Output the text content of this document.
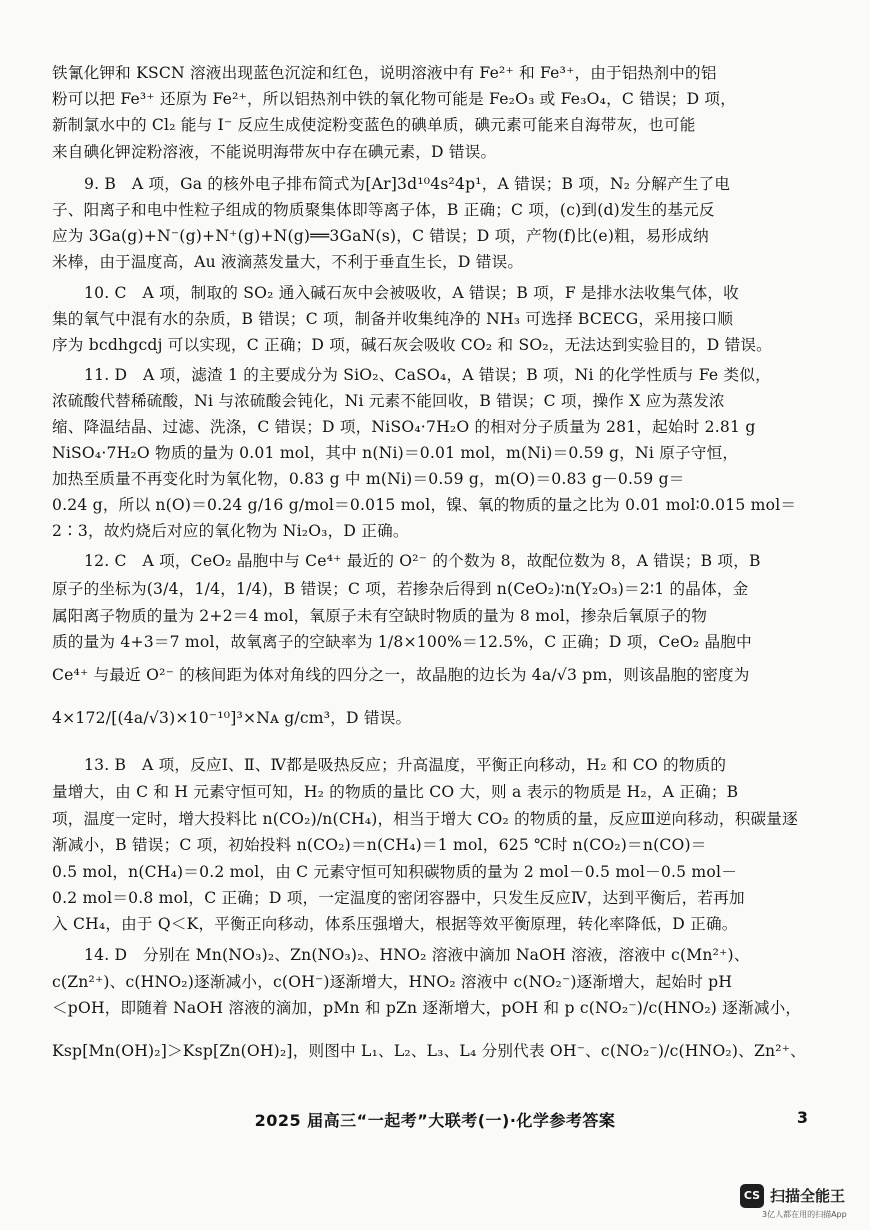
铁氰化钾和 KSCN 溶液出现蓝色沉淀和红色，说明溶液中有 Fe²⁺ 和 Fe³⁺，由于铝热剂中的铝
粉可以把 Fe³⁺ 还原为 Fe²⁺，所以铝热剂中铁的氧化物可能是 Fe₂O₃ 或 Fe₃O₄，C 错误；D 项，
新制氯水中的 Cl₂ 能与 I⁻ 反应生成使淀粉变蓝色的碘单质，碘元素可能来自海带灰，也可能
来自碘化钾淀粉溶液，不能说明海带灰中存在碘元素，D 错误。
9. B　A 项，Ga 的核外电子排布简式为[Ar]3d¹⁰4s²4p¹，A 错误；B 项，N₂ 分解产生了电
子、阳离子和电中性粒子组成的物质聚集体即等离子体，B 正确；C 项，(c)到(d)发生的基元反
应为 3Ga(g)+N⁻(g)+N⁺(g)+N(g)══3GaN(s)，C 错误；D 项，产物(f)比(e)粗，易形成纳
米棒，由于温度高，Au 液滴蒸发量大，不利于垂直生长，D 错误。
10. C　A 项，制取的 SO₂ 通入碱石灰中会被吸收，A 错误；B 项，F 是排水法收集气体，收
集的氧气中混有水的杂质，B 错误；C 项，制备并收集纯净的 NH₃ 可选择 BCECG，采用接口顺
序为 bcdhgcdj 可以实现，C 正确；D 项，碱石灰会吸收 CO₂ 和 SO₂，无法达到实验目的，D 错误。
11. D　A 项，滤渣 1 的主要成分为 SiO₂、CaSO₄，A 错误；B 项，Ni 的化学性质与 Fe 类似，
浓硫酸代替稀硫酸，Ni 与浓硫酸会钝化，Ni 元素不能回收，B 错误；C 项，操作 X 应为蒸发浓
缩、降温结晶、过滤、洗涤，C 错误；D 项，NiSO₄·7H₂O 的相对分子质量为 281，起始时 2.81 g
NiSO₄·7H₂O 物质的量为 0.01 mol，其中 n(Ni)＝0.01 mol，m(Ni)＝0.59 g，Ni 原子守恒，
加热至质量不再变化时为氧化物，0.83 g 中 m(Ni)＝0.59 g，m(O)＝0.83 g－0.59 g＝
0.24 g，所以 n(O)＝0.24 g/16 g/mol＝0.015 mol，镍、氧的物质的量之比为 0.01 mol∶0.015 mol＝
2∶3，故灼烧后对应的氧化物为 Ni₂O₃，D 正确。
12. C　A 项，CeO₂ 晶胞中与 Ce⁴⁺ 最近的 O²⁻ 的个数为 8，故配位数为 8，A 错误；B 项，B
原子的坐标为(3/4，1/4，1/4)，B 错误；C 项，若掺杂后得到 n(CeO₂)∶n(Y₂O₃)＝2∶1 的晶体，金
属阳离子物质的量为 2+2＝4 mol，氧原子未有空缺时物质的量为 8 mol，掺杂后氧原子的物
质的量为 4+3＝7 mol，故氧离子的空缺率为 1/8×100%＝12.5%，C 正确；D 项，CeO₂ 晶胞中
Ce⁴⁺ 与最近 O²⁻ 的核间距为体对角线的四分之一，故晶胞的边长为 4a/√3 pm，则该晶胞的密度为
4×172/[(4a/√3)×10⁻¹⁰]³×Nᴀ g/cm³，D 错误。
13. B　A 项，反应Ⅰ、Ⅱ、Ⅳ都是吸热反应；升高温度，平衡正向移动，H₂ 和 CO 的物质的
量增大，由 C 和 H 元素守恒可知，H₂ 的物质的量比 CO 大，则 a 表示的物质是 H₂，A 正确；B
项，温度一定时，增大投料比 n(CO₂)/n(CH₄)，相当于增大 CO₂ 的物质的量，反应Ⅲ逆向移动，积碳量逐
渐减小，B 错误；C 项，初始投料 n(CO₂)＝n(CH₄)＝1 mol，625 ℃时 n(CO₂)＝n(CO)＝
0.5 mol，n(CH₄)＝0.2 mol，由 C 元素守恒可知积碳物质的量为 2 mol－0.5 mol－0.5 mol－
0.2 mol＝0.8 mol，C 正确；D 项，一定温度的密闭容器中，只发生反应Ⅳ，达到平衡后，若再加
入 CH₄，由于 Q＜K，平衡正向移动，体系压强增大，根据等效平衡原理，转化率降低，D 正确。
14. D　分别在 Mn(NO₃)₂、Zn(NO₃)₂、HNO₂ 溶液中滴加 NaOH 溶液，溶液中 c(Mn²⁺)、
c(Zn²⁺)、c(HNO₂)逐渐减小，c(OH⁻)逐渐增大，HNO₂ 溶液中 c(NO₂⁻)逐渐增大，起始时 pH
＜pOH，即随着 NaOH 溶液的滴加，pMn 和 pZn 逐渐增大，pOH 和 p c(NO₂⁻)/c(HNO₂) 逐渐减小，
Ksp[Mn(OH)₂]＞Ksp[Zn(OH)₂]，则图中 L₁、L₂、L₃、L₄ 分别代表 OH⁻、c(NO₂⁻)/c(HNO₂)、Zn²⁺、
2025 届高三“一起考”大联考(一)·化学参考答案	3
CS 扫描全能王
3亿人都在用的扫描App
